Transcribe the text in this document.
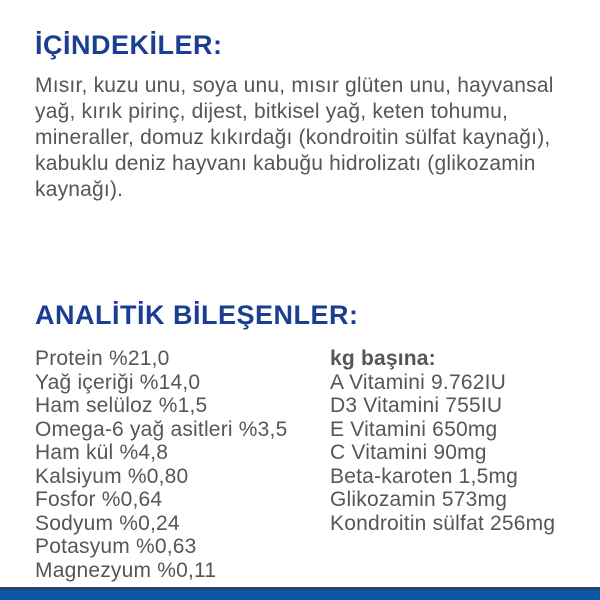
İÇİNDEKİLER:

Mısır, kuzu unu, soya unu, mısır glüten unu, hayvansal yağ, kırık pirinç, dijest, bitkisel yağ, keten tohumu, mineraller, domuz kıkırdağı (kondroitin sülfat kaynağı), kabuklu deniz hayvanı kabuğu hidrolizatı (glikozamin kaynağı).

ANALİTİK BİLEŞENLER:
Protein %21,0
Yağ içeriği %14,0
Ham selüloz %1,5
Omega-6 yağ asitleri %3,5
Ham kül %4,8
Kalsiyum %0,80
Fosfor %0,64
Sodyum %0,24
Potasyum %0,63
Magnezyum %0,11
kg başına:
A Vitamini 9.762IU
D3 Vitamini 755IU
E Vitamini 650mg
C Vitamini 90mg
Beta-karoten 1,5mg
Glikozamin 573mg
Kondroitin sülfat 256mg
